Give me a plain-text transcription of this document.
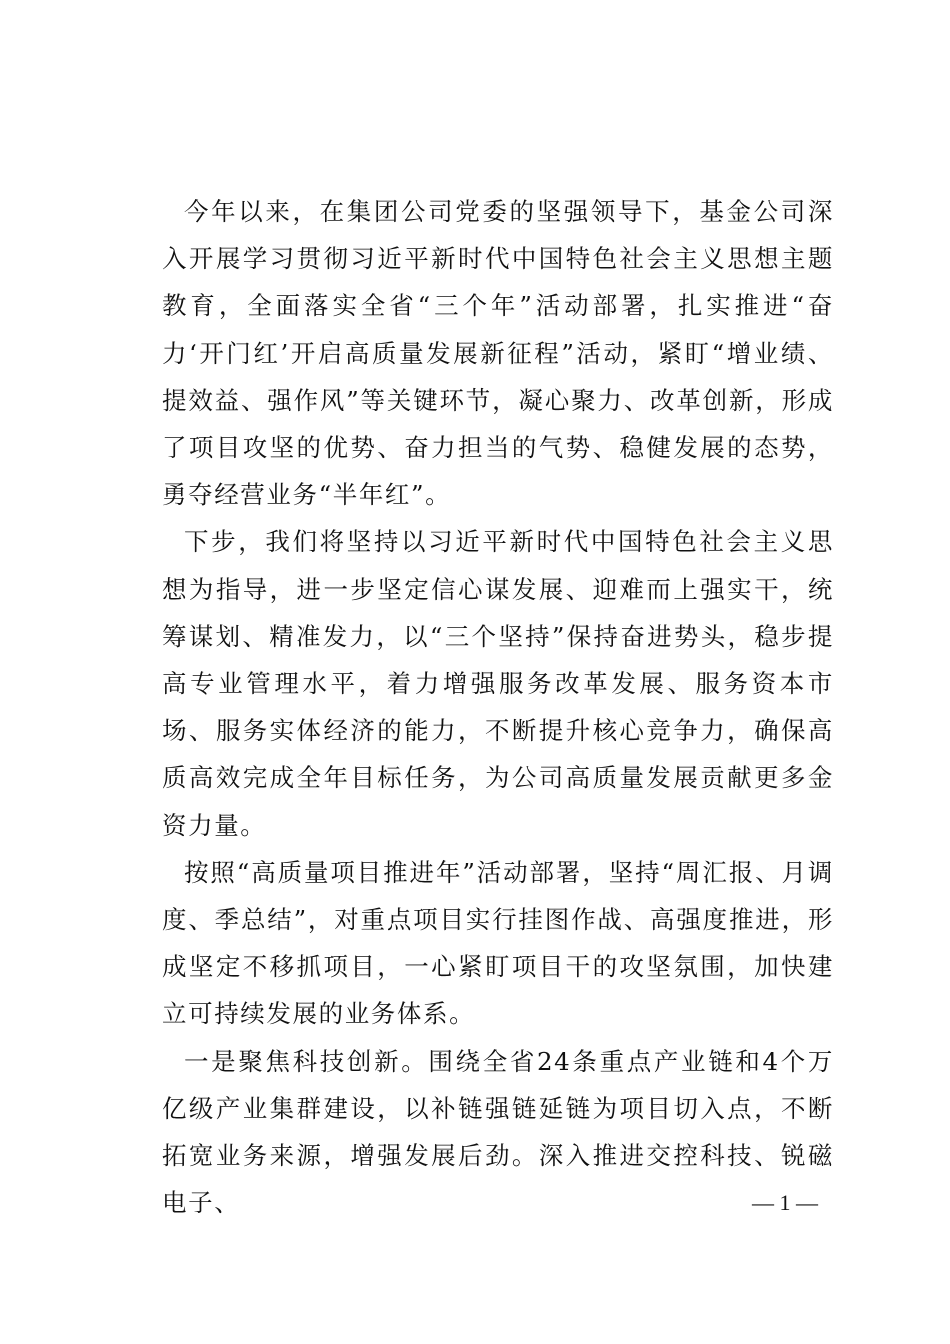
今年以来，在集团公司党委的坚强领导下，基金公司深入开展学习贯彻习近平新时代中国特色社会主义思想主题教育，全面落实全省“三个年”活动部署，扎实推进“奋力‘开门红’开启高质量发展新征程”活动，紧盯“增业绩、提效益、强作风”等关键环节，凝心聚力、改革创新，形成了项目攻坚的优势、奋力担当的气势、稳健发展的态势，勇夺经营业务“半年红”。

下步，我们将坚持以习近平新时代中国特色社会主义思想为指导，进一步坚定信心谋发展、迎难而上强实干，统筹谋划、精准发力，以“三个坚持”保持奋进势头，稳步提高专业管理水平，着力增强服务改革发展、服务资本市场、服务实体经济的能力，不断提升核心竞争力，确保高质高效完成全年目标任务，为公司高质量发展贡献更多金资力量。

按照“高质量项目推进年”活动部署，坚持“周汇报、月调度、季总结”，对重点项目实行挂图作战、高强度推进，形成坚定不移抓项目，一心紧盯项目干的攻坚氛围，加快建立可持续发展的业务体系。

一是聚焦科技创新。围绕全省24条重点产业链和4个万亿级产业集群建设，以补链强链延链为项目切入点，不断拓宽业务来源，增强发展后劲。深入推进交控科技、锐磁电子、	— 1 —
